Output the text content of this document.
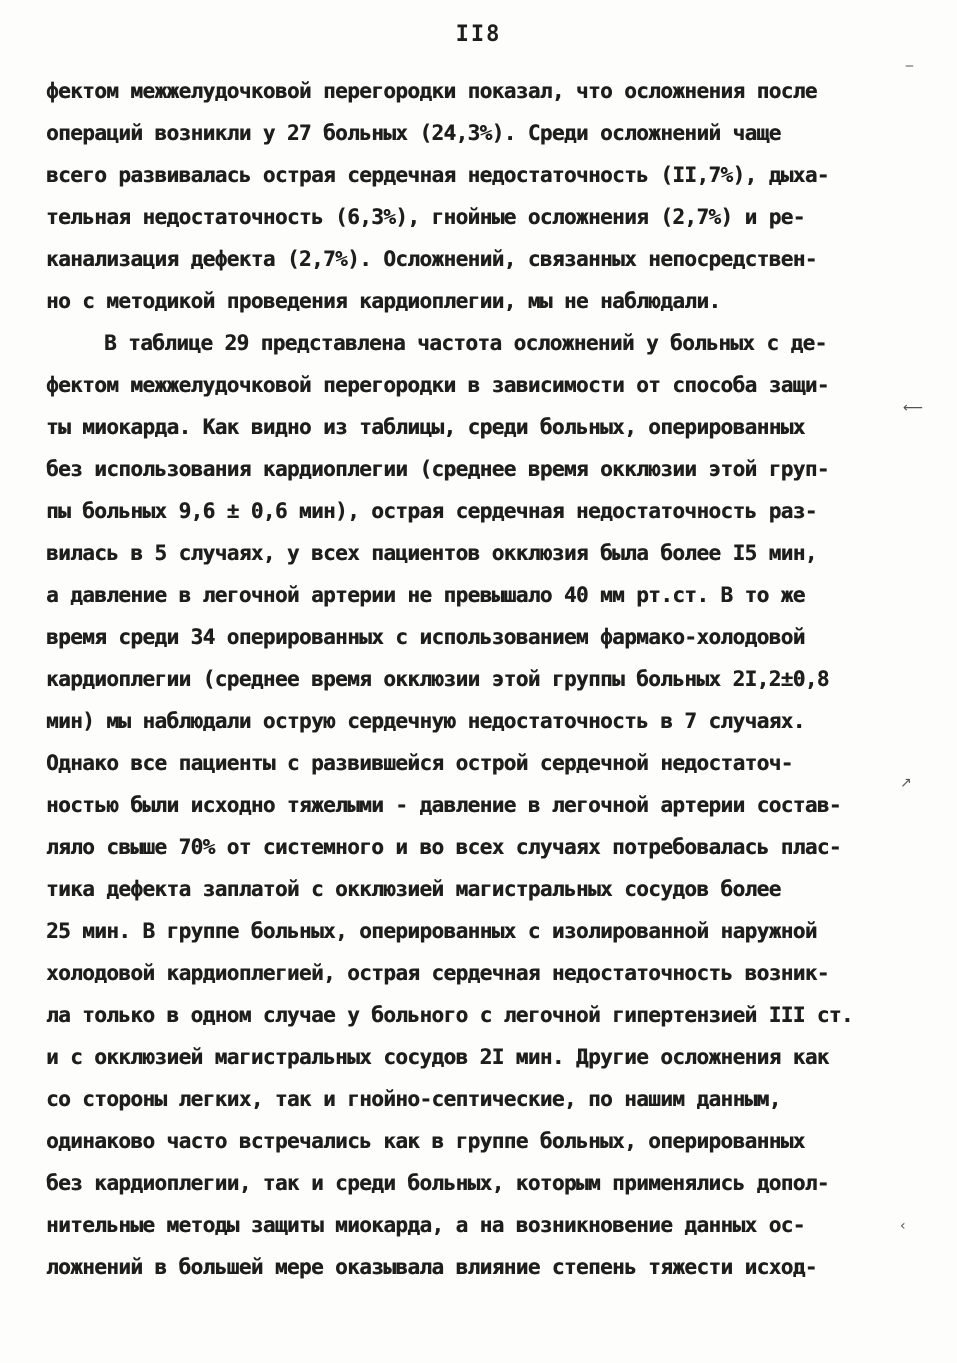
II8
фектом межжелудочковой перегородки показал, что осложнения после
операций возникли у 27 больных (24,3%). Среди осложнений чаще
всего развивалась острая сердечная недостаточность (II,7%), дыха-
тельная недостаточность (6,3%), гнойные осложнения (2,7%) и ре-
канализация дефекта (2,7%). Осложнений, связанных непосредствен-
но с методикой проведения кардиоплегии, мы не наблюдали.
В таблице 29 представлена частота осложнений у больных с де-
фектом межжелудочковой перегородки в зависимости от способа защи-
ты миокарда. Как видно из таблицы, среди больных, оперированных
без использования кардиоплегии (среднее время окклюзии этой груп-
пы больных 9,6 ± 0,6 мин), острая сердечная недостаточность раз-
вилась в 5 случаях, у всех пациентов окклюзия была более I5 мин,
а давление в легочной артерии не превышало 40 мм рт.ст. В то же
время среди 34 оперированных с использованием фармако-холодовой
кардиоплегии (среднее время окклюзии этой группы больных 2I,2±0,8
мин) мы наблюдали острую сердечную недостаточность в 7 случаях.
Однако все пациенты с развившейся острой сердечной недостаточ-
ностью были исходно тяжелыми - давление в легочной артерии состав-
ляло свыше 70% от системного и во всех случаях потребовалась плас-
тика дефекта заплатой с окклюзией магистральных сосудов более
25 мин. В группе больных, оперированных с изолированной наружной
холодовой кардиоплегией, острая сердечная недостаточность возник-
ла только в одном случае у больного с легочной гипертензией III ст.
и с окклюзией магистральных сосудов 2I мин. Другие осложнения как
со стороны легких, так и гнойно-септические, по нашим данным,
одинаково часто встречались как в группе больных, оперированных
без кардиоплегии, так и среди больных, которым применялись допол-
нительные методы защиты миокарда, а на возникновение данных ос-
ложнений в большей мере оказывала влияние степень тяжести исход-
‒
⟵
↗
‹
